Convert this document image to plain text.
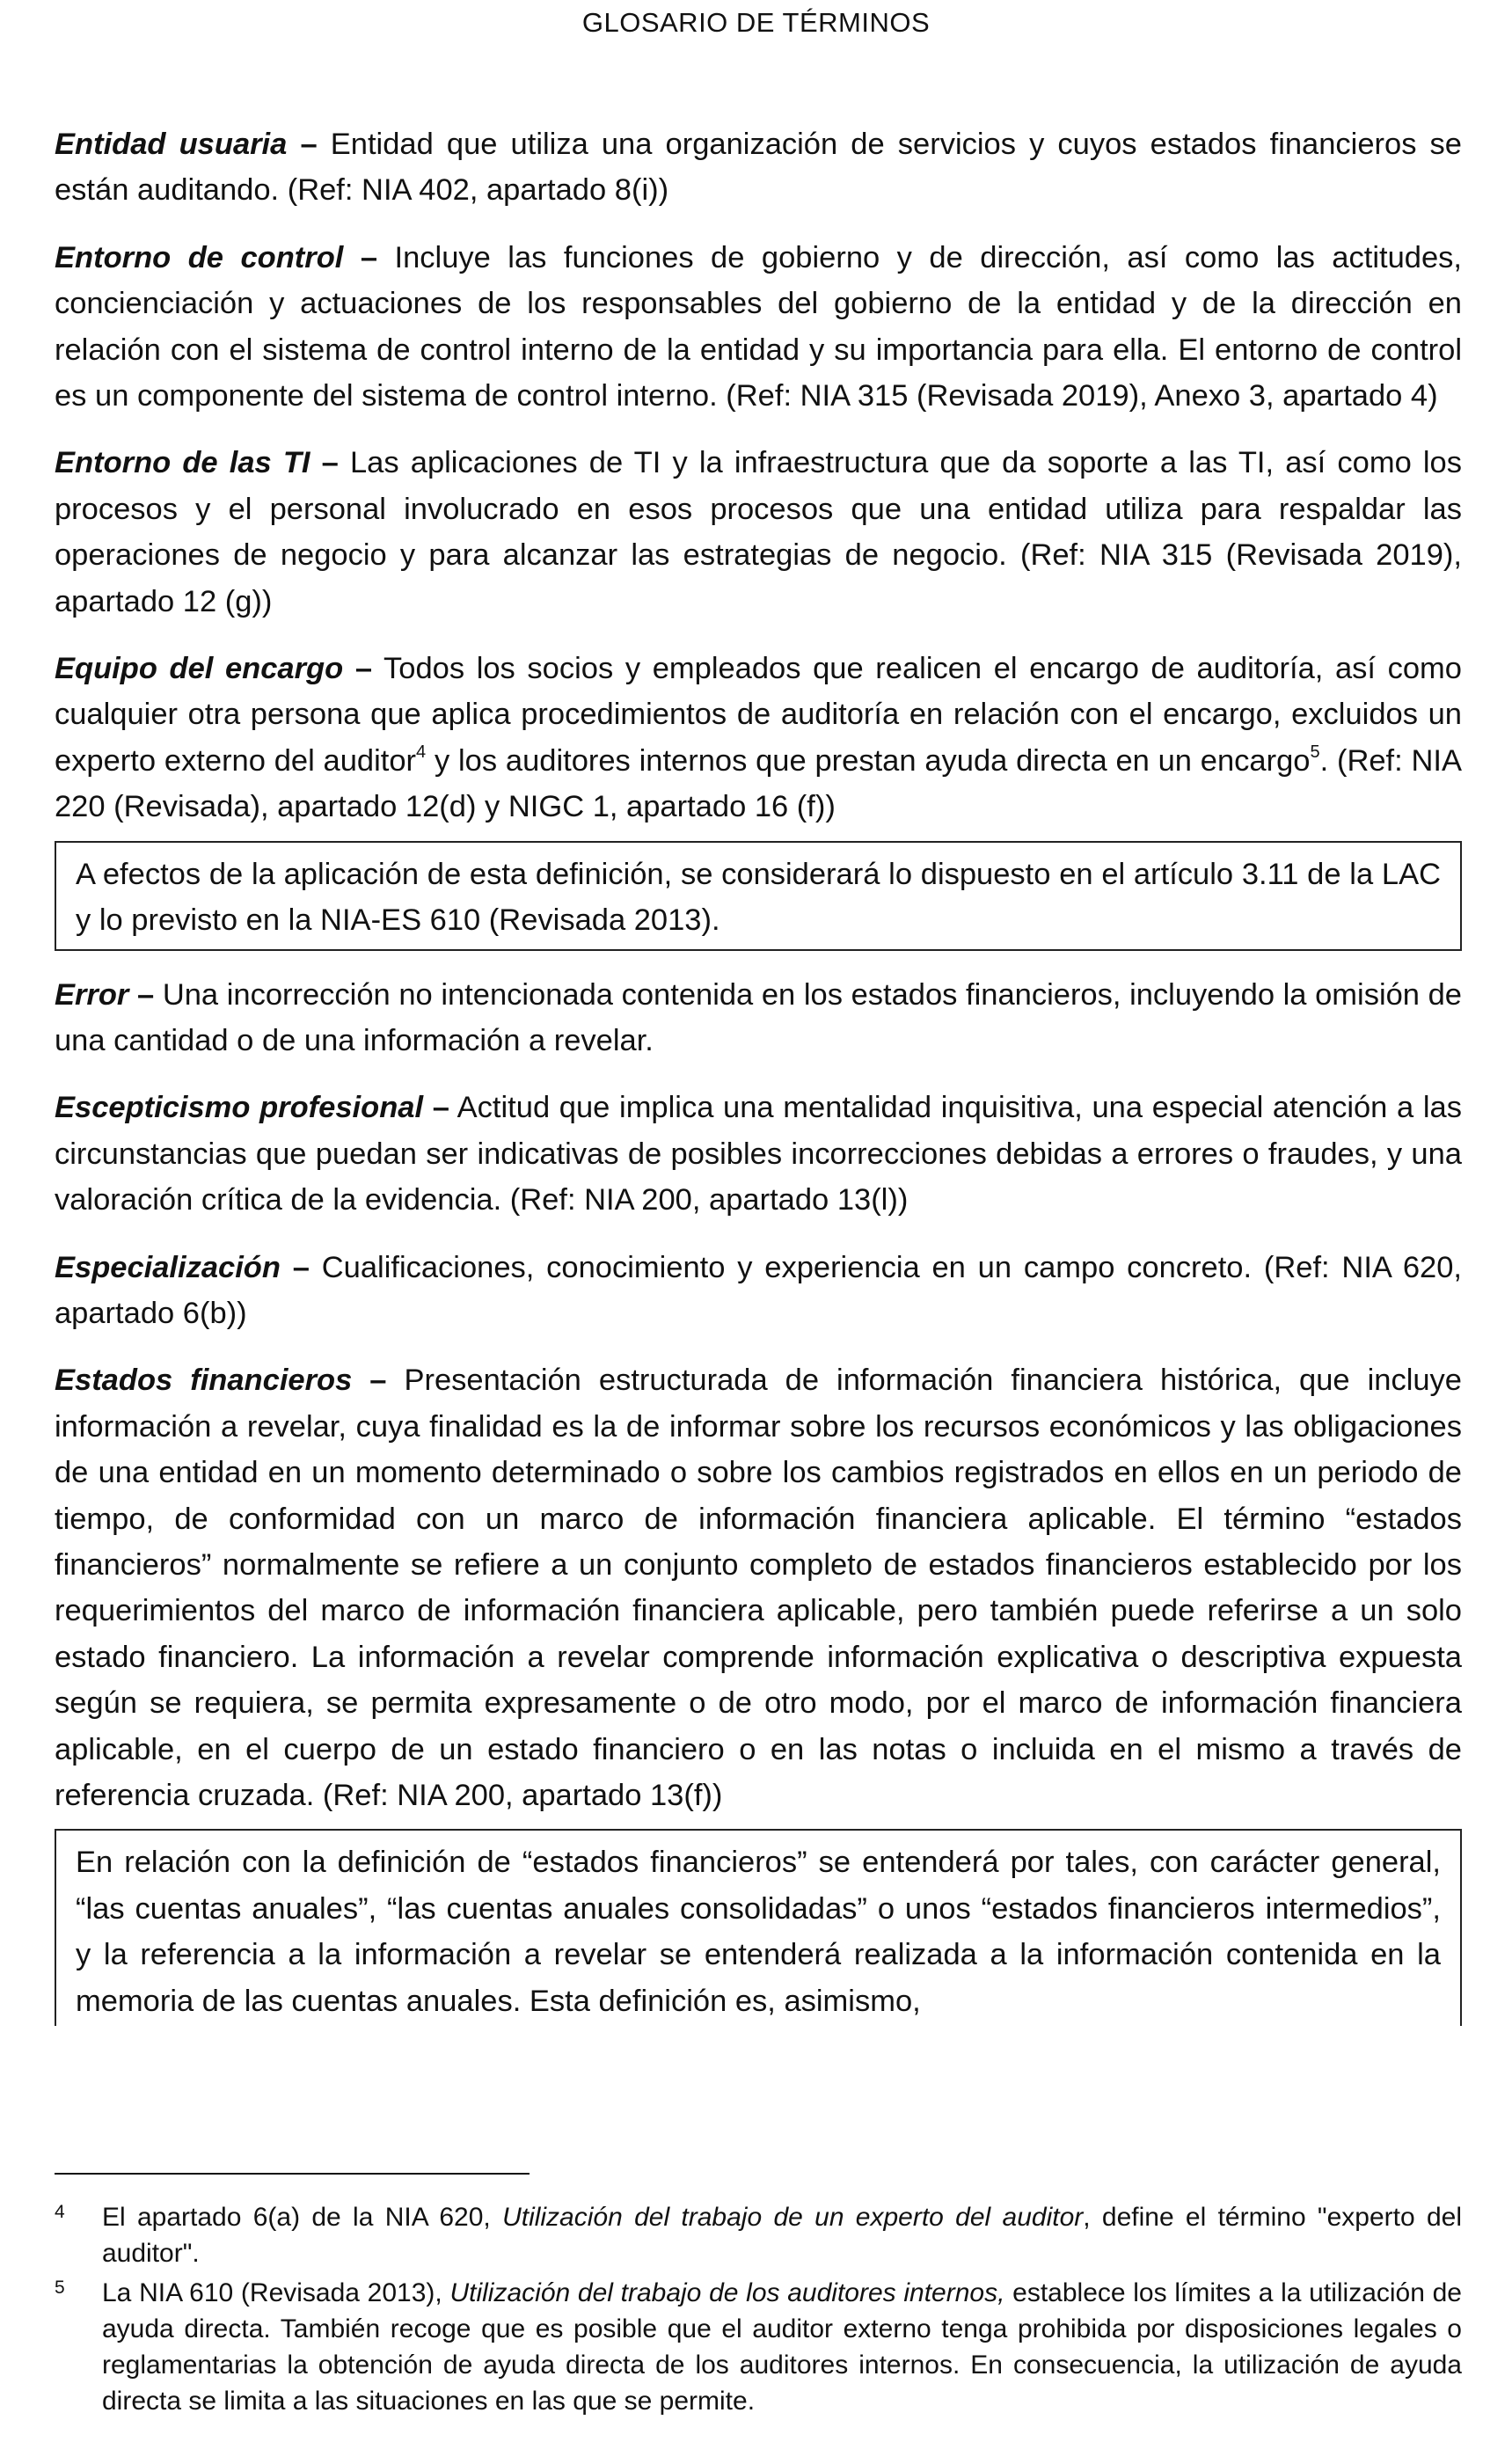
GLOSARIO DE TÉRMINOS

Entidad usuaria – Entidad que utiliza una organización de servicios y cuyos estados financieros se están auditando. (Ref: NIA 402, apartado 8(i))

Entorno de control – Incluye las funciones de gobierno y de dirección, así como las actitudes, concienciación y actuaciones de los responsables del gobierno de la entidad y de la dirección en relación con el sistema de control interno de la entidad y su importancia para ella. El entorno de control es un componente del sistema de control interno. (Ref: NIA 315 (Revisada 2019), Anexo 3, apartado 4)

Entorno de las TI – Las aplicaciones de TI y la infraestructura que da soporte a las TI, así como los procesos y el personal involucrado en esos procesos que una entidad utiliza para respaldar las operaciones de negocio y para alcanzar las estrategias de negocio. (Ref: NIA 315 (Revisada 2019), apartado 12 (g))

Equipo del encargo – Todos los socios y empleados que realicen el encargo de auditoría, así como cualquier otra persona que aplica procedimientos de auditoría en relación con el encargo, excluidos un experto externo del auditor$^4$ y los auditores internos que prestan ayuda directa en un encargo$^5$. (Ref: NIA 220 (Revisada), apartado 12(d) y NIGC 1, apartado 16 (f))

A efectos de la aplicación de esta definición, se considerará lo dispuesto en el artículo 3.11 de la LAC y lo previsto en la NIA-ES 610 (Revisada 2013).

Error – Una incorrección no intencionada contenida en los estados financieros, incluyendo la omisión de una cantidad o de una información a revelar.

Escepticismo profesional – Actitud que implica una mentalidad inquisitiva, una especial atención a las circunstancias que puedan ser indicativas de posibles incorrecciones debidas a errores o fraudes, y una valoración crítica de la evidencia. (Ref: NIA 200, apartado 13(l))

Especialización – Cualificaciones, conocimiento y experiencia en un campo concreto. (Ref: NIA 620, apartado 6(b))

Estados financieros – Presentación estructurada de información financiera histórica, que incluye información a revelar, cuya finalidad es la de informar sobre los recursos económicos y las obligaciones de una entidad en un momento determinado o sobre los cambios registrados en ellos en un periodo de tiempo, de conformidad con un marco de información financiera aplicable. El término “estados financieros” normalmente se refiere a un conjunto completo de estados financieros establecido por los requerimientos del marco de información financiera aplicable, pero también puede referirse a un solo estado financiero. La información a revelar comprende información explicativa o descriptiva expuesta según se requiera, se permita expresamente o de otro modo, por el marco de información financiera aplicable, en el cuerpo de un estado financiero o en las notas o incluida en el mismo a través de referencia cruzada. (Ref: NIA 200, apartado 13(f))

En relación con la definición de “estados financieros” se entenderá por tales, con carácter general, “las cuentas anuales”, “las cuentas anuales consolidadas” o unos “estados financieros intermedios”, y la referencia a la información a revelar se entenderá realizada a la información contenida en la memoria de las cuentas anuales. Esta definición es, asimismo,
4 El apartado 6(a) de la NIA 620, Utilización del trabajo de un experto del auditor, define el término "experto del auditor".
5 La NIA 610 (Revisada 2013), Utilización del trabajo de los auditores internos, establece los límites a la utilización de ayuda directa. También recoge que es posible que el auditor externo tenga prohibida por disposiciones legales o reglamentarias la obtención de ayuda directa de los auditores internos. En consecuencia, la utilización de ayuda directa se limita a las situaciones en las que se permite.
